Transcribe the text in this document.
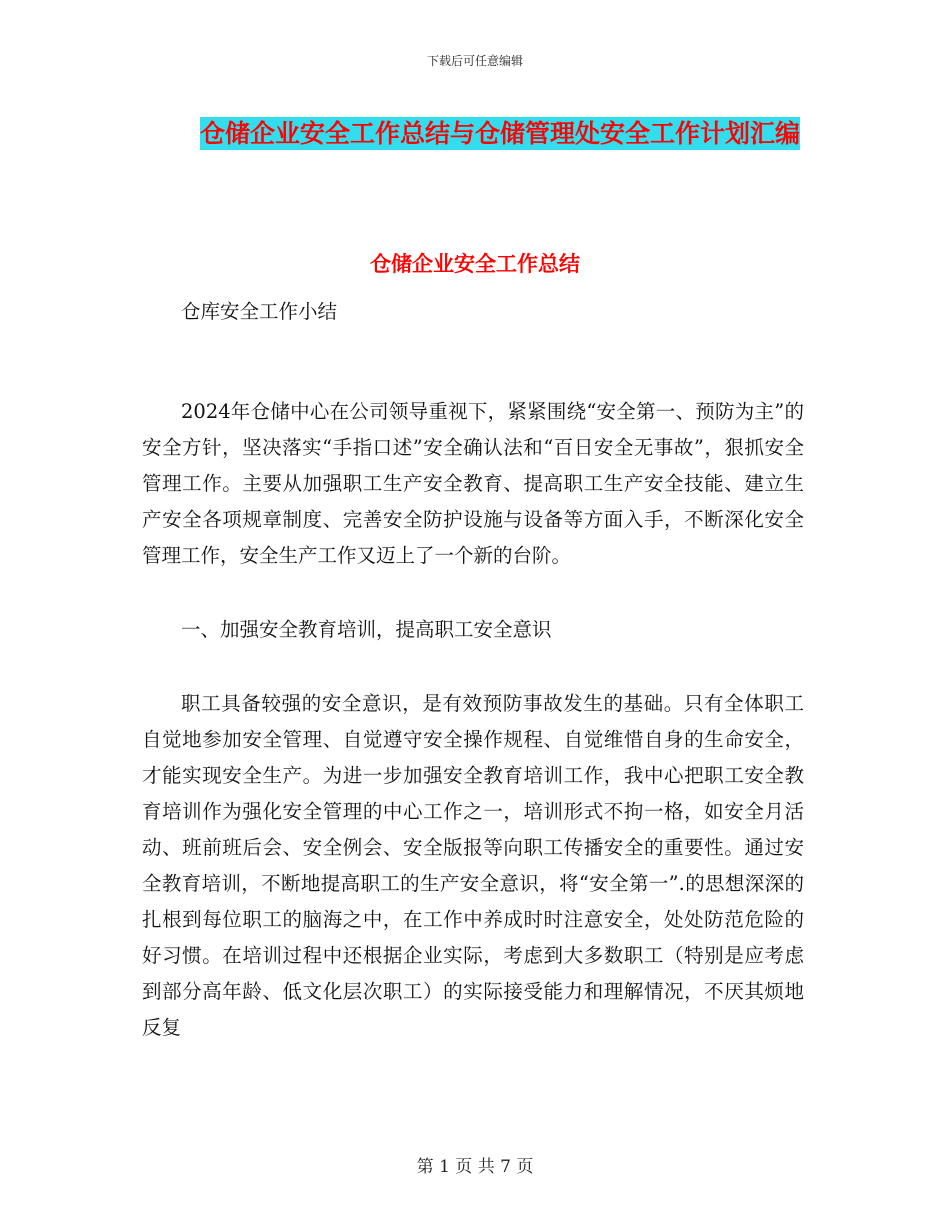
下载后可任意编辑
仓储企业安全工作总结与仓储管理处安全工作计划汇编
仓储企业安全工作总结

仓库安全工作小结

2024年仓储中心在公司领导重视下，紧紧围绕“安全第一、预防为主”的安全方针，坚决落实“手指口述”安全确认法和“百日安全无事故”，狠抓安全管理工作。主要从加强职工生产安全教育、提高职工生产安全技能、建立生产安全各项规章制度、完善安全防护设施与设备等方面入手，不断深化安全管理工作，安全生产工作又迈上了一个新的台阶。

一、加强安全教育培训，提高职工安全意识

职工具备较强的安全意识，是有效预防事故发生的基础。只有全体职工自觉地参加安全管理、自觉遵守安全操作规程、自觉维惜自身的生命安全，才能实现安全生产。为进一步加强安全教育培训工作，我中心把职工安全教育培训作为强化安全管理的中心工作之一，培训形式不拘一格，如安全月活动、班前班后会、安全例会、安全版报等向职工传播安全的重要性。通过安全教育培训，不断地提高职工的生产安全意识，将“安全第一”.的思想深深的扎根到每位职工的脑海之中，在工作中养成时时注意安全，处处防范危险的好习惯。在培训过程中还根据企业实际，考虑到大多数职工（特别是应考虑到部分高年龄、低文化层次职工）的实际接受能力和理解情况，不厌其烦地反复

第 1 页 共 7 页
